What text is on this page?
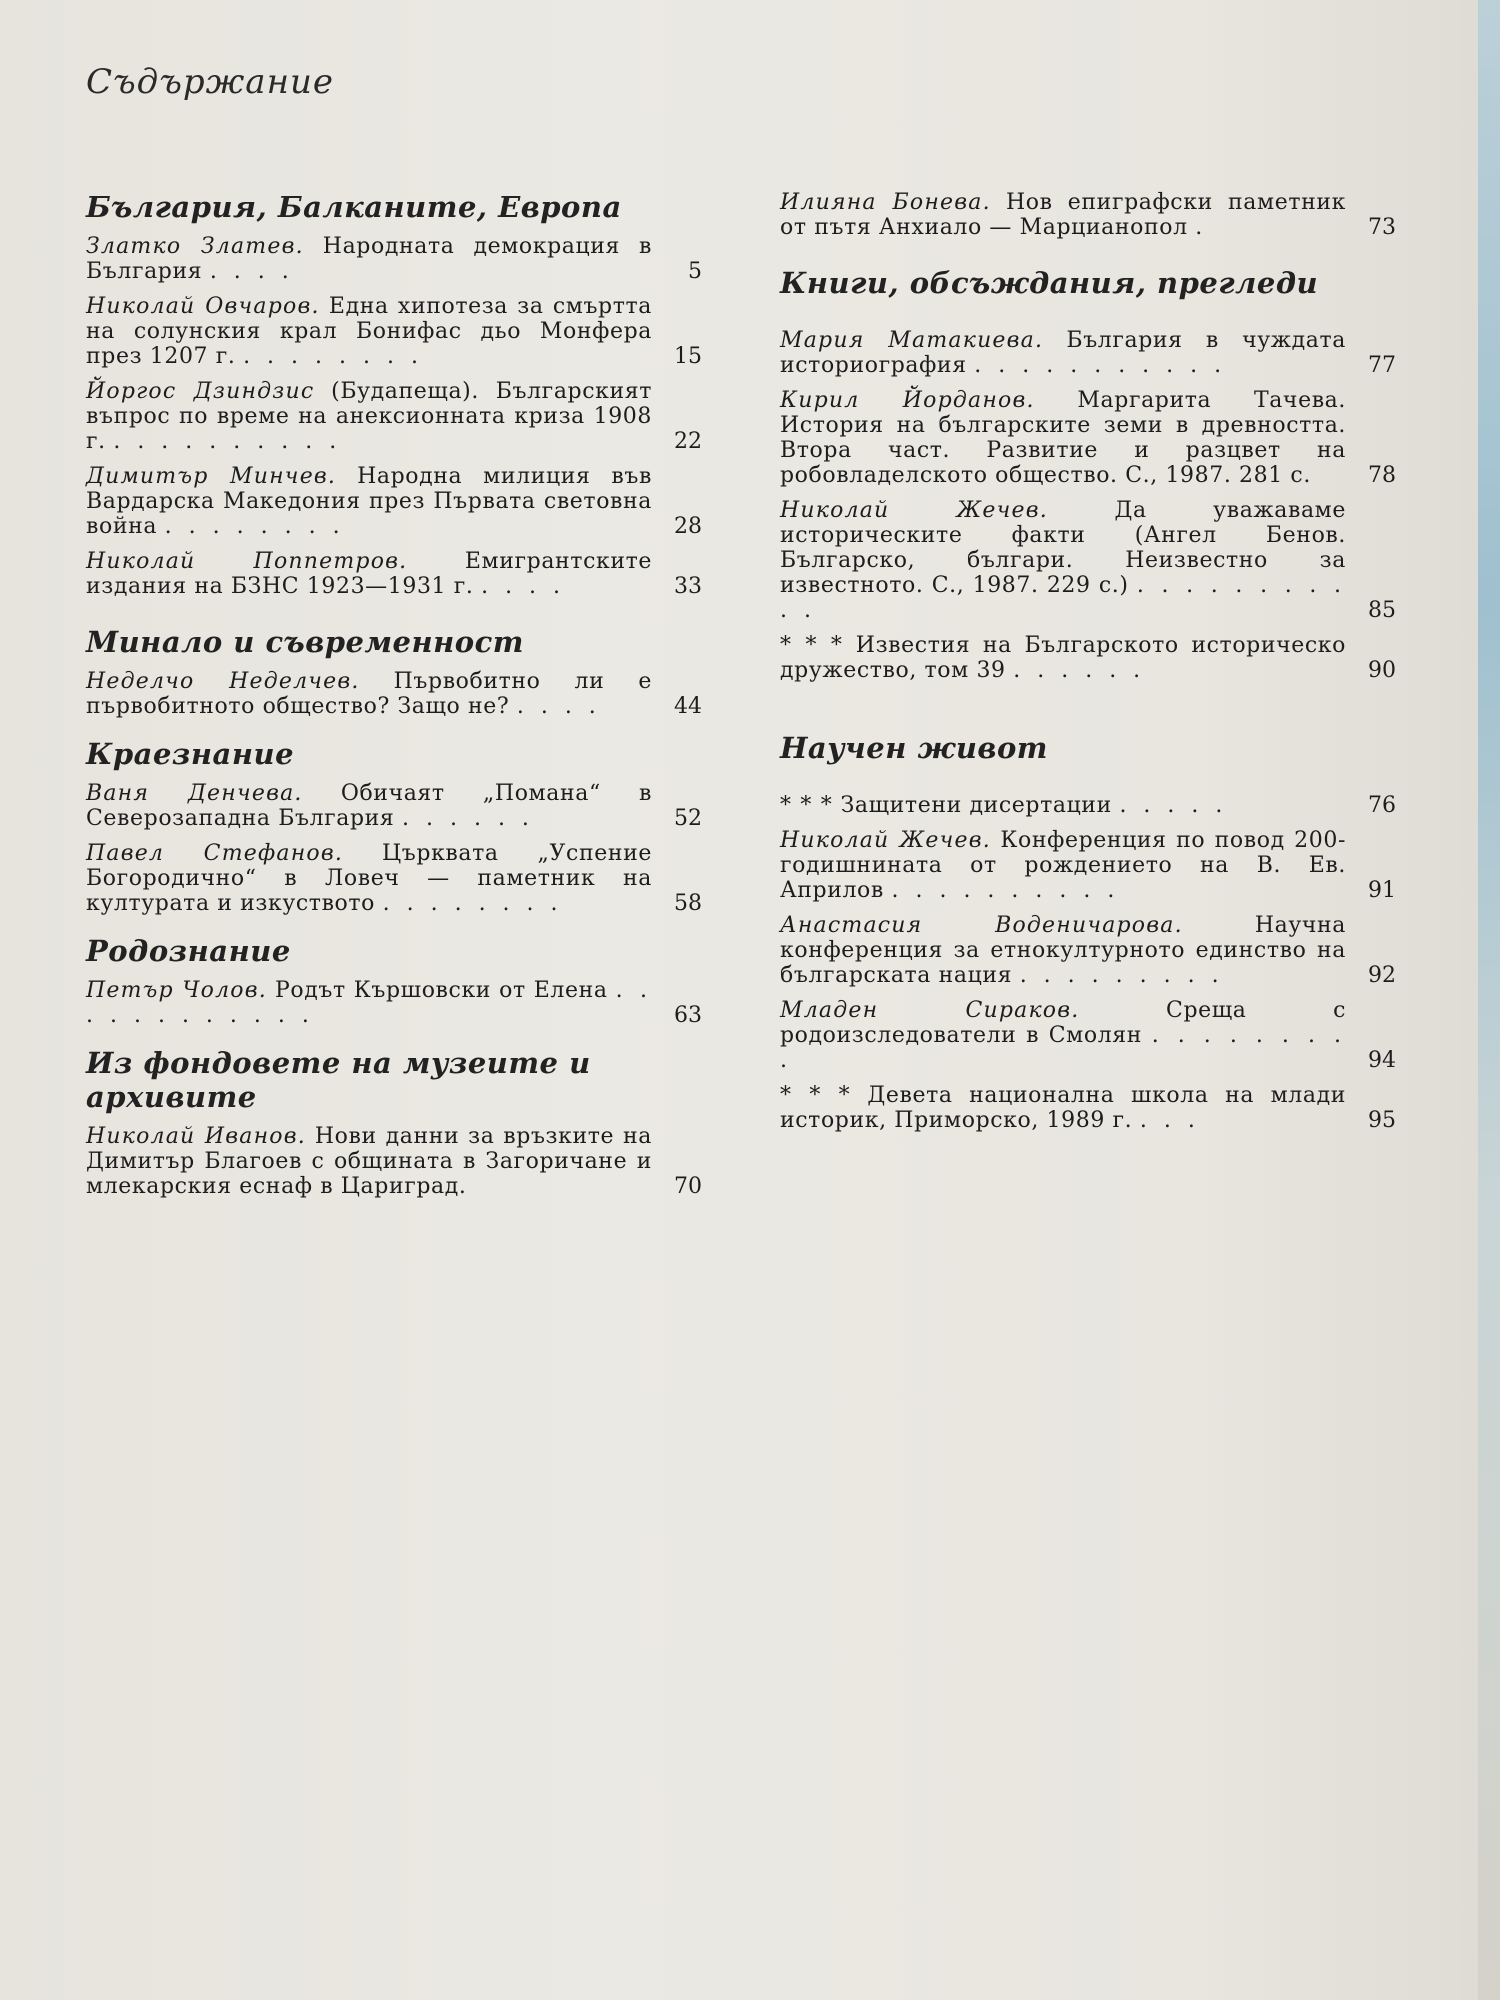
Съдържание
България, Балканите, Европа
Златко Златев. Народната демокрация в България . . . .	5
Николай Овчаров. Една хипотеза за смъртта на солунския крал Бонифас дьо Монфера през 1207 г. . . . . . . . .	15
Йоргос Дзиндзис (Будапеща). Българският въпрос по време на анексионната криза 1908 г. . . . . . . . . . .	22
Димитър Минчев. Народна милиция във Вардарска Македония през Първата световна война . . . . . . . .	28
Николай Поппетров.	Емигрантските издания на БЗНС 1923—1931 г. . . . .	33
Минало и съвременност
Неделчо Неделчев. Първобитно ли е първобитното общество? Защо не? . . . .	44
Краезнание
Ваня Денчева. Обичаят „Помана“ в Северозападна България . . . . . .	52
Павел Стефанов. Църквата „Успение Богородично“ в Ловеч — паметник на културата и изкуството . . . . . . . .	58
Родознание
Петър Чолов. Родът Кършовски от Елена . . . . . . . . . . . .	63
Из фондовете на музеите и архивите
Николай Иванов. Нови данни за връзките на Димитър Благоев с общината в Загоричане и млекарския еснаф в Цариград.	70
Илияна Бонева. Нов епиграфски паметник от пътя Анхиало — Марцианопол .	73
Книги, обсъждания, прегледи
Мария Матакиева. България в чуждата историография . . . . . . . . . . .	77
Кирил Йорданов. Маргарита Тачева. История на българските земи в древността. Втора част. Развитие и разцвет на робовладелското общество. С., 1987. 281 с.	78
Николай Жечев.	Да уважаваме историческите факти (Ангел Бенов. Българско, българи. Неизвестно за известното. С., 1987. 229 с.) . . . . . . . . . . .	85
* * * Известия на Българското историческо дружество, том 39 . . . . . .	90
Научен живот
* * * Защитени дисертации . . . . .	76
Николай Жечев. Конференция по повод 200-годишнината от рождението на В. Ев. Априлов . . . . . . . . . .	91
Анастасия Воденичарова.	Научна конференция за етнокултурното единство на българската нация . . . . . . . . .	92
Младен Сираков.	Среща с родоизследователи в Смолян . . . . . . . . .	94
* * * Девета национална школа на млади историк, Приморско, 1989 г. . . .	95
